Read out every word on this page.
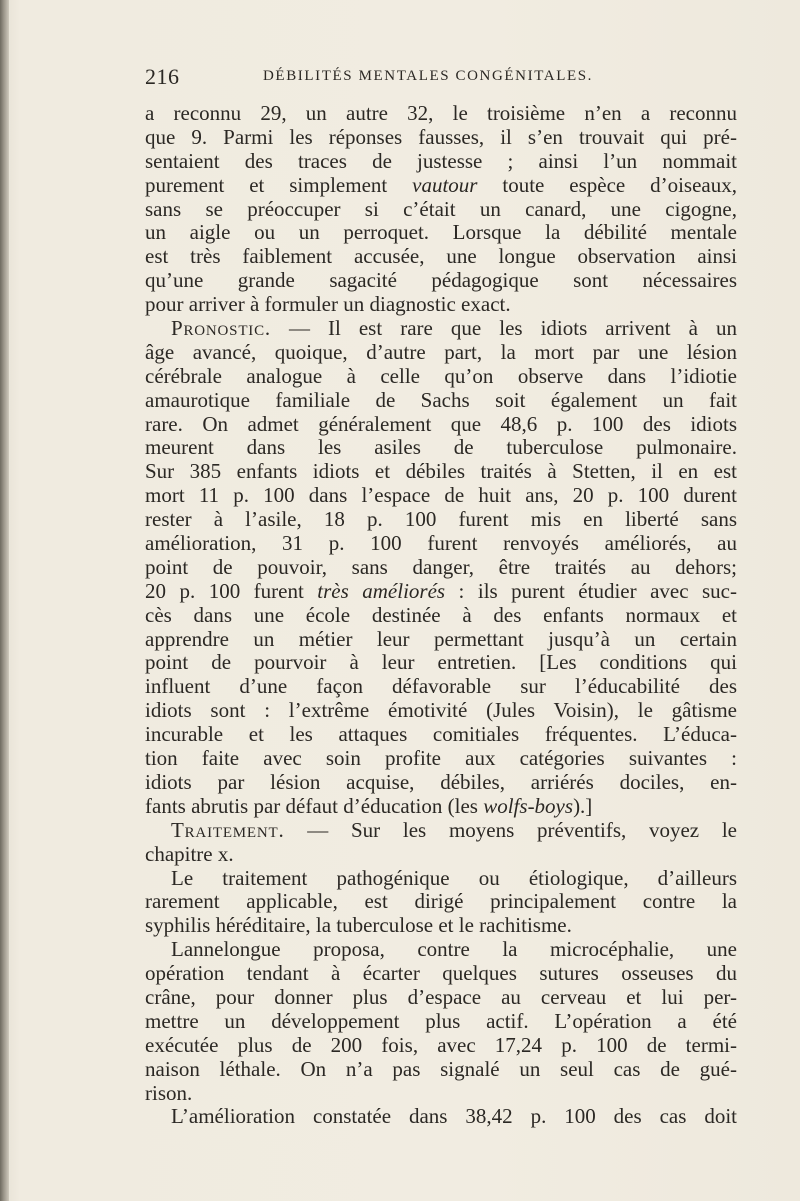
216	DÉBILITÉS MENTALES CONGÉNITALES.
a reconnu 29, un autre 32, le troisième n’en a reconnu
que 9. Parmi les réponses fausses, il s’en trouvait qui pré-
sentaient des traces de justesse ; ainsi l’un nommait
purement et simplement vautour toute espèce d’oiseaux,
sans se préoccuper si c’était un canard, une cigogne,
un aigle ou un perroquet. Lorsque la débilité mentale
est très faiblement accusée, une longue observation ainsi
qu’une grande sagacité pédagogique sont nécessaires
pour arriver à formuler un diagnostic exact.
Pronostic. — Il est rare que les idiots arrivent à un
âge avancé, quoique, d’autre part, la mort par une lésion
cérébrale analogue à celle qu’on observe dans l’idiotie
amaurotique familiale de Sachs soit également un fait
rare. On admet généralement que 48,6 p. 100 des idiots
meurent dans les asiles de tuberculose pulmonaire.
Sur 385 enfants idiots et débiles traités à Stetten, il en est
mort 11 p. 100 dans l’espace de huit ans, 20 p. 100 durent
rester à l’asile, 18 p. 100 furent mis en liberté sans
amélioration, 31 p. 100 furent renvoyés améliorés, au
point de pouvoir, sans danger, être traités au dehors;
20 p. 100 furent très améliorés : ils purent étudier avec suc-
cès dans une école destinée à des enfants normaux et
apprendre un métier leur permettant jusqu’à un certain
point de pourvoir à leur entretien. [Les conditions qui
influent d’une façon défavorable sur l’éducabilité des
idiots sont : l’extrême émotivité (Jules Voisin), le gâtisme
incurable et les attaques comitiales fréquentes. L’éduca-
tion faite avec soin profite aux catégories suivantes :
idiots par lésion acquise, débiles, arriérés dociles, en-
fants abrutis par défaut d’éducation (les wolfs-boys).]
Traitement. — Sur les moyens préventifs, voyez le
chapitre x.
Le traitement pathogénique ou étiologique, d’ailleurs
rarement applicable, est dirigé principalement contre la
syphilis héréditaire, la tuberculose et le rachitisme.
Lannelongue proposa, contre la microcéphalie, une
opération tendant à écarter quelques sutures osseuses du
crâne, pour donner plus d’espace au cerveau et lui per-
mettre un développement plus actif. L’opération a été
exécutée plus de 200 fois, avec 17,24 p. 100 de termi-
naison léthale. On n’a pas signalé un seul cas de gué-
rison.
L’amélioration constatée dans 38,42 p. 100 des cas doit
